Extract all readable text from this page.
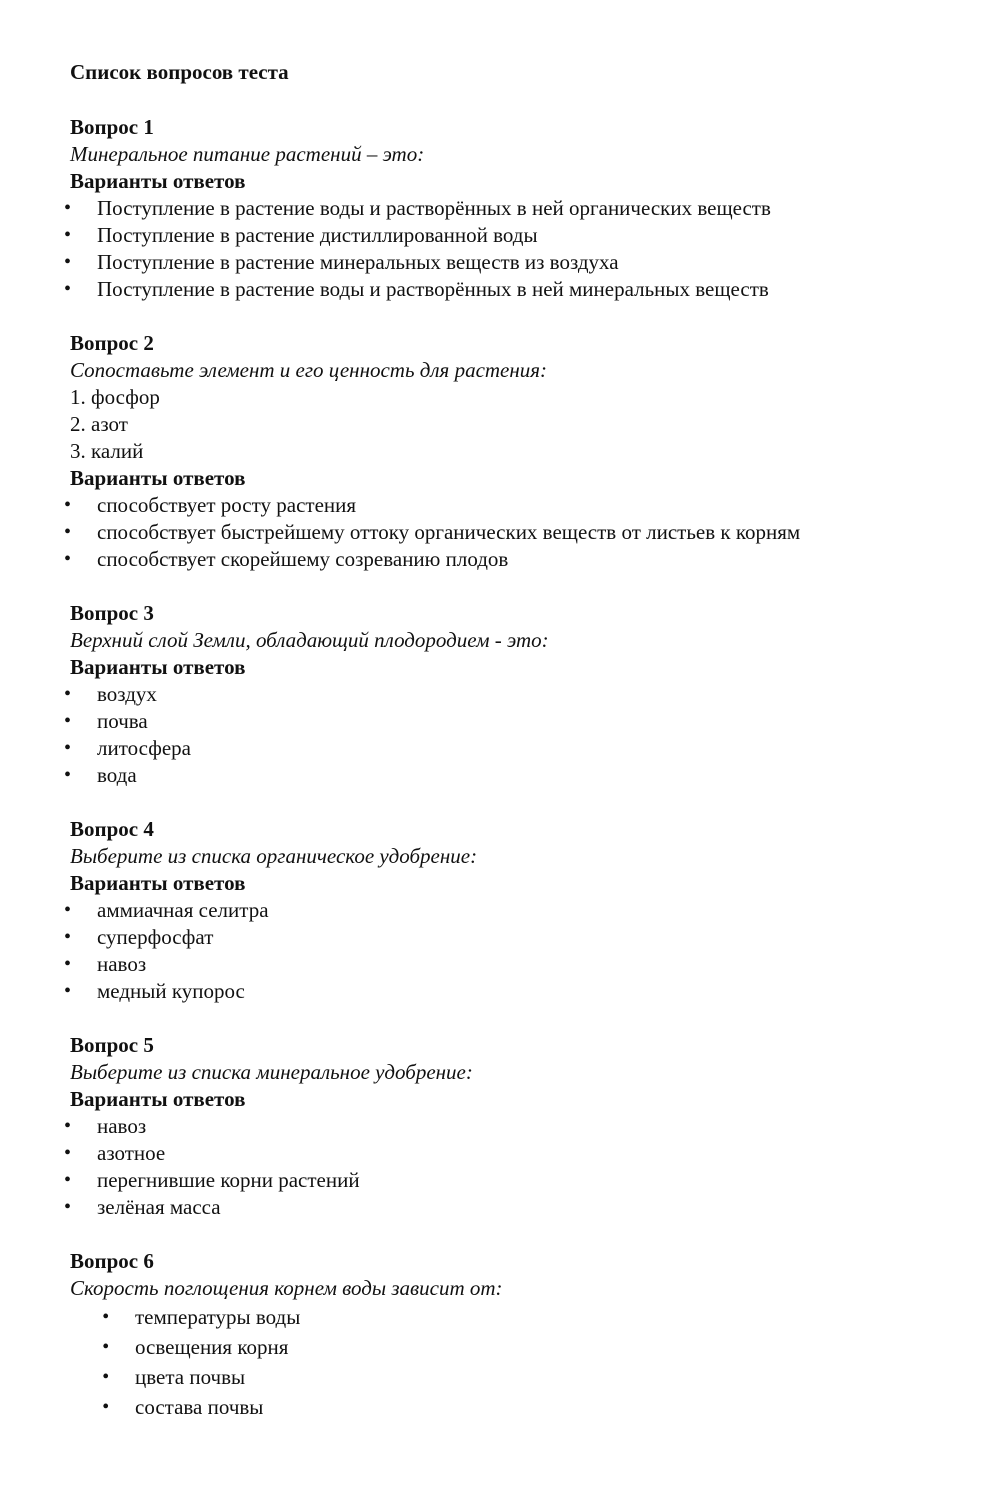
Список вопросов теста
Вопрос 1
Минеральное питание растений – это:
Варианты ответов
• Поступление в растение воды и растворённых в ней органических веществ
• Поступление в растение дистиллированной воды
• Поступление в растение минеральных веществ из воздуха
• Поступление в растение воды и растворённых в ней минеральных веществ
Вопрос 2
Сопоставьте элемент и его ценность для растения:
1. фосфор
2. азот
3. калий
Варианты ответов
• способствует росту растения
• способствует быстрейшему оттоку органических веществ от листьев к корням
• способствует скорейшему созреванию плодов
Вопрос 3
Верхний слой Земли, обладающий плодородием - это:
Варианты ответов
• воздух
• почва
• литосфера
• вода
Вопрос 4
Выберите из списка органическое удобрение:
Варианты ответов
• аммиачная селитра
• суперфосфат
• навоз
• медный купорос
Вопрос 5
Выберите из списка минеральное удобрение:
Варианты ответов
• навоз
• азотное
• перегнившие корни растений
• зелёная масса
Вопрос 6
Скорость поглощения корнем воды зависит от:
• температуры воды
• освещения корня
• цвета почвы
• состава почвы
